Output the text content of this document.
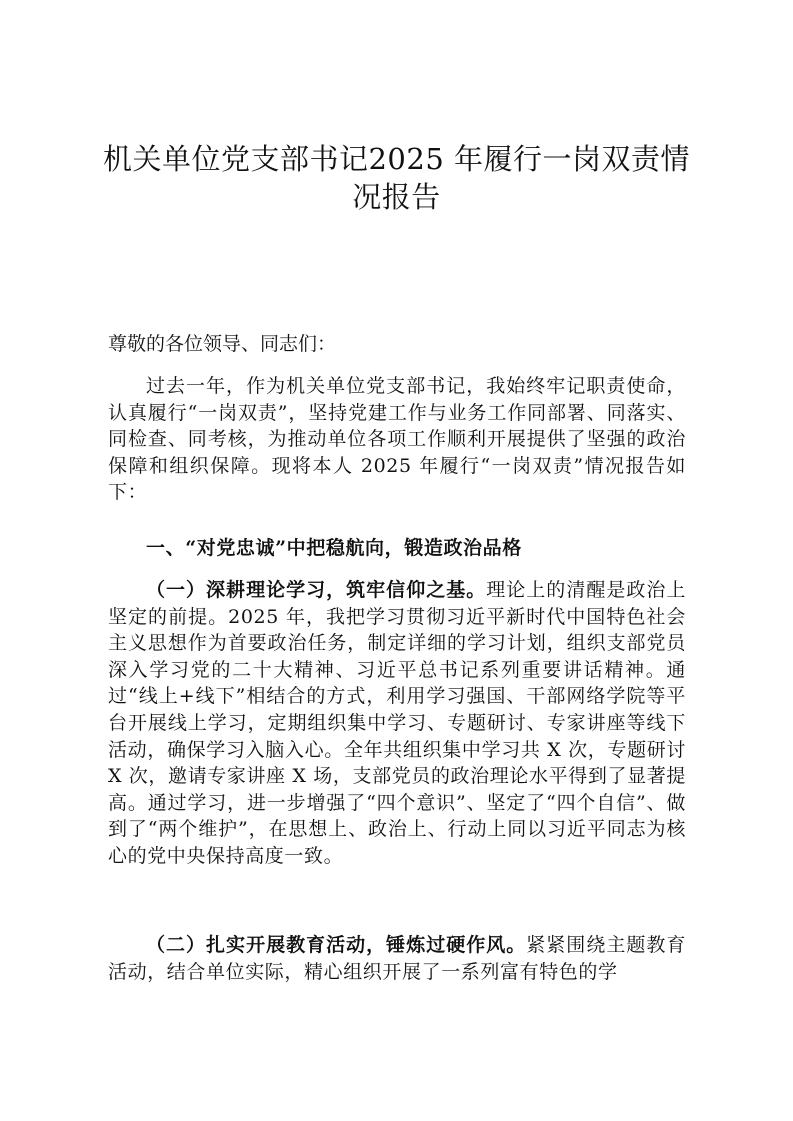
机关单位党支部书记2025 年履行一岗双责情
况报告
尊敬的各位领导、同志们：

过去一年，作为机关单位党支部书记，我始终牢记职责使命，认真履行“一岗双责”，坚持党建工作与业务工作同部署、同落实、同检查、同考核，为推动单位各项工作顺利开展提供了坚强的政治保障和组织保障。现将本人 2025 年履行“一岗双责”情况报告如下：

一、“对党忠诚”中把稳航向，锻造政治品格

（一）深耕理论学习，筑牢信仰之基。理论上的清醒是政治上坚定的前提。2025 年，我把学习贯彻习近平新时代中国特色社会主义思想作为首要政治任务，制定详细的学习计划，组织支部党员深入学习党的二十大精神、习近平总书记系列重要讲话精神。通过“线上+线下”相结合的方式，利用学习强国、干部网络学院等平台开展线上学习，定期组织集中学习、专题研讨、专家讲座等线下活动，确保学习入脑入心。全年共组织集中学习共 X 次，专题研讨 X 次，邀请专家讲座 X 场，支部党员的政治理论水平得到了显著提高。通过学习，进一步增强了“四个意识”、坚定了“四个自信”、做到了“两个维护”，在思想上、政治上、行动上同以习近平同志为核心的党中央保持高度一致。

（二）扎实开展教育活动，锤炼过硬作风。紧紧围绕主题教育活动，结合单位实际，精心组织开展了一系列富有特色的学
